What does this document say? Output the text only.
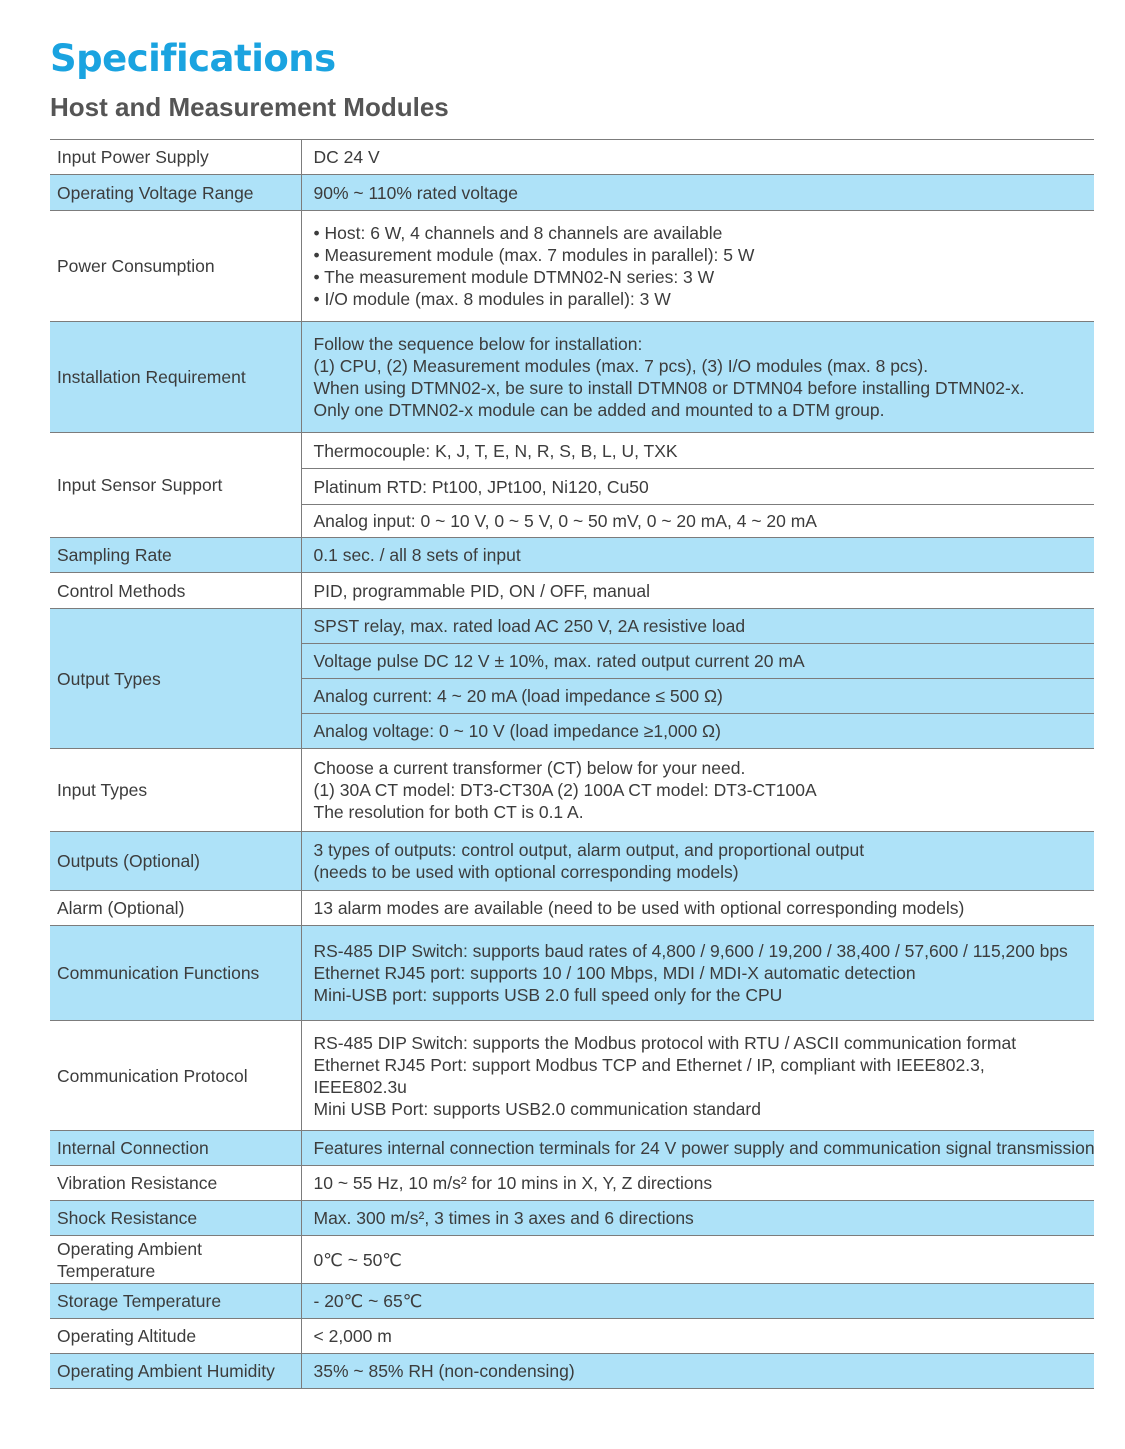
Specifications
Host and Measurement Modules
Input Power Supply	DC 24 V

Operating Voltage Range	90% ~ 110% rated voltage

Power Consumption	• Host: 6 W, 4 channels and 8 channels are available
• Measurement module (max. 7 modules in parallel): 5 W
• The measurement module DTMN02-N series: 3 W
• I/O module (max. 8 modules in parallel): 3 W

Installation Requirement	Follow the sequence below for installation:
(1) CPU, (2) Measurement modules (max. 7 pcs), (3) I/O modules (max. 8 pcs).
When using DTMN02-x, be sure to install DTMN08 or DTMN04 before installing DTMN02-x.
Only one DTMN02-x module can be added and mounted to a DTM group.

Input Sensor Support	Thermocouple: K, J, T, E, N, R, S, B, L, U, TXK

	Platinum RTD: Pt100, JPt100, Ni120, Cu50

	Analog input: 0 ~ 10 V, 0 ~ 5 V, 0 ~ 50 mV, 0 ~ 20 mA, 4 ~ 20 mA

Sampling Rate	0.1 sec. / all 8 sets of input

Control Methods	PID, programmable PID, ON / OFF, manual

Output Types	SPST relay, max. rated load AC 250 V, 2A resistive load

	Voltage pulse DC 12 V ± 10%, max. rated output current 20 mA

	Analog current: 4 ~ 20 mA (load impedance ≤ 500 Ω)

	Analog voltage: 0 ~ 10 V (load impedance ≥1,000 Ω)

Input Types	Choose a current transformer (CT) below for your need.
(1) 30A CT model: DT3-CT30A (2) 100A CT model: DT3-CT100A
The resolution for both CT is 0.1 A.

Outputs (Optional)	3 types of outputs: control output, alarm output, and proportional output
(needs to be used with optional corresponding models)

Alarm (Optional)	13 alarm modes are available (need to be used with optional corresponding models)

Communication Functions	RS-485 DIP Switch: supports baud rates of 4,800 / 9,600 / 19,200 / 38,400 / 57,600 / 115,200 bps
Ethernet RJ45 port: supports 10 / 100 Mbps, MDI / MDI-X automatic detection
Mini-USB port: supports USB 2.0 full speed only for the CPU

Communication Protocol	RS-485 DIP Switch: supports the Modbus protocol with RTU / ASCII communication format
Ethernet RJ45 Port: support Modbus TCP and Ethernet / IP, compliant with IEEE802.3,
IEEE802.3u
Mini USB Port: supports USB2.0 communication standard

Internal Connection	Features internal connection terminals for 24 V power supply and communication signal transmission

Vibration Resistance	10 ~ 55 Hz, 10 m/s² for 10 mins in X, Y, Z directions

Shock Resistance	Max. 300 m/s², 3 times in 3 axes and 6 directions

Operating Ambient
Temperature	0℃ ~ 50℃

Storage Temperature	- 20℃ ~ 65℃

Operating Altitude	< 2,000 m

Operating Ambient Humidity	35% ~ 85% RH (non-condensing)
